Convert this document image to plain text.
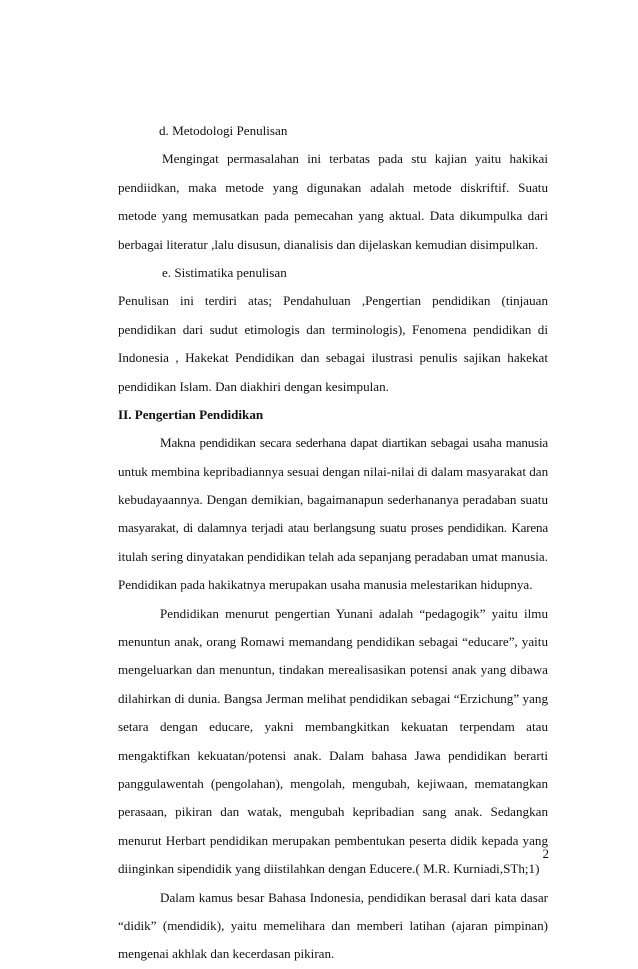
d. Metodologi Penulisan
Mengingat permasalahan ini terbatas pada stu kajian yaitu hakikai
pendiidkan, maka metode yang digunakan adalah metode diskriftif. Suatu
metode yang memusatkan pada pemecahan yang aktual. Data dikumpulka dari
berbagai literatur ,lalu disusun, dianalisis dan dijelaskan kemudian disimpulkan.
e. Sistimatika penulisan
Penulisan ini terdiri atas; Pendahuluan ,Pengertian pendidikan (tinjauan
pendidikan dari sudut etimologis dan terminologis), Fenomena pendidikan di
Indonesia , Hakekat Pendidikan dan sebagai ilustrasi penulis sajikan hakekat
pendidikan Islam. Dan diakhiri dengan kesimpulan.
II. Pengertian Pendidikan
Makna pendidikan secara sederhana dapat diartikan sebagai usaha manusia
untuk membina kepribadiannya sesuai dengan nilai-nilai di dalam masyarakat dan
kebudayaannya. Dengan demikian, bagaimanapun sederhananya peradaban suatu
masyarakat, di dalamnya terjadi atau berlangsung suatu proses pendidikan. Karena
itulah sering dinyatakan pendidikan telah ada sepanjang peradaban umat manusia.
Pendidikan pada hakikatnya merupakan usaha manusia melestarikan hidupnya.
Pendidikan menurut pengertian Yunani adalah “pedagogik” yaitu ilmu
menuntun anak, orang Romawi memandang pendidikan sebagai “educare”, yaitu
mengeluarkan dan menuntun, tindakan merealisasikan potensi anak yang dibawa
dilahirkan di dunia. Bangsa Jerman melihat pendidikan sebagai “Erzichung” yang
setara dengan educare, yakni membangkitkan kekuatan terpendam atau
mengaktifkan kekuatan/potensi anak. Dalam bahasa Jawa pendidikan berarti
panggulawentah (pengolahan), mengolah, mengubah, kejiwaan, mematangkan
perasaan, pikiran dan watak, mengubah kepribadian sang anak. Sedangkan
menurut Herbart pendidikan merupakan pembentukan peserta didik kepada yang
diinginkan sipendidik yang diistilahkan dengan Educere.( M.R. Kurniadi,STh;1)
Dalam kamus besar Bahasa Indonesia, pendidikan berasal dari kata dasar
“didik” (mendidik), yaitu memelihara dan memberi latihan (ajaran pimpinan)
mengenai akhlak dan kecerdasan pikiran.
2
